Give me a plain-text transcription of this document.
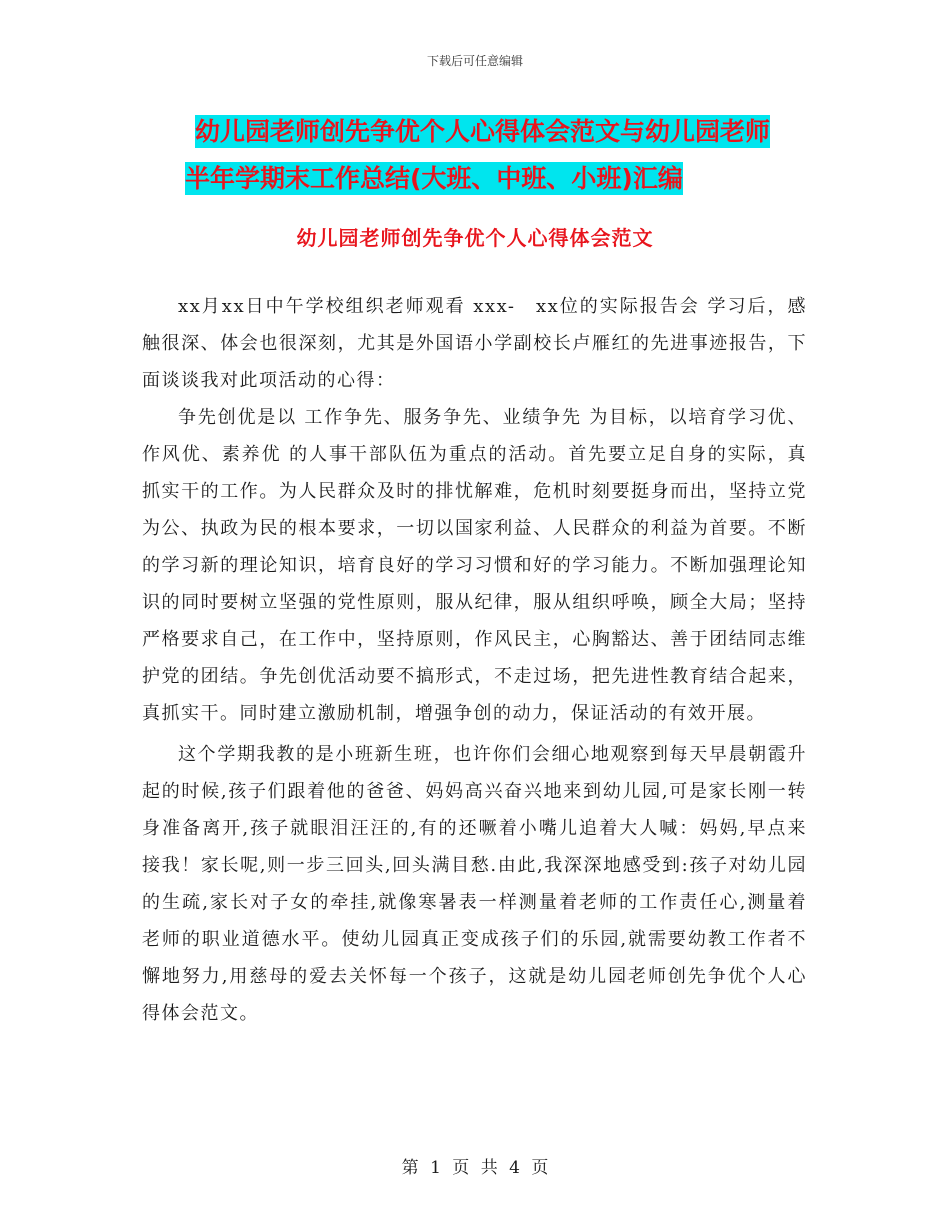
下载后可任意编辑
幼儿园老师创先争优个人心得体会范文与幼儿园老师
半年学期末工作总结(大班、中班、小班)汇编
幼儿园老师创先争优个人心得体会范文

xx月xx日中午学校组织老师观看 xxx-　xx位的实际报告会 学习后，感触很深、体会也很深刻，尤其是外国语小学副校长卢雁红的先进事迹报告，下面谈谈我对此项活动的心得：

争先创优是以 工作争先、服务争先、业绩争先 为目标，以培育学习优、作风优、素养优 的人事干部队伍为重点的活动。首先要立足自身的实际，真抓实干的工作。为人民群众及时的排忧解难，危机时刻要挺身而出，坚持立党为公、执政为民的根本要求，一切以国家利益、人民群众的利益为首要。不断的学习新的理论知识，培育良好的学习习惯和好的学习能力。不断加强理论知识的同时要树立坚强的党性原则，服从纪律，服从组织呼唤，顾全大局；坚持严格要求自己，在工作中，坚持原则，作风民主，心胸豁达、善于团结同志维护党的团结。争先创优活动要不搞形式，不走过场，把先进性教育结合起来，真抓实干。同时建立激励机制，增强争创的动力，保证活动的有效开展。

这个学期我教的是小班新生班，也许你们会细心地观察到每天早晨朝霞升起的时候,孩子们跟着他的爸爸、妈妈高兴奋兴地来到幼儿园,可是家长刚一转身准备离开,孩子就眼泪汪汪的,有的还噘着小嘴儿追着大人喊：妈妈,早点来接我！家长呢,则一步三回头,回头满目愁.由此,我深深地感受到:孩子对幼儿园的生疏,家长对子女的牵挂,就像寒暑表一样测量着老师的工作责任心,测量着老师的职业道德水平。使幼儿园真正变成孩子们的乐园,就需要幼教工作者不懈地努力,用慈母的爱去关怀每一个孩子，这就是幼儿园老师创先争优个人心得体会范文。

第 1 页 共 4 页
